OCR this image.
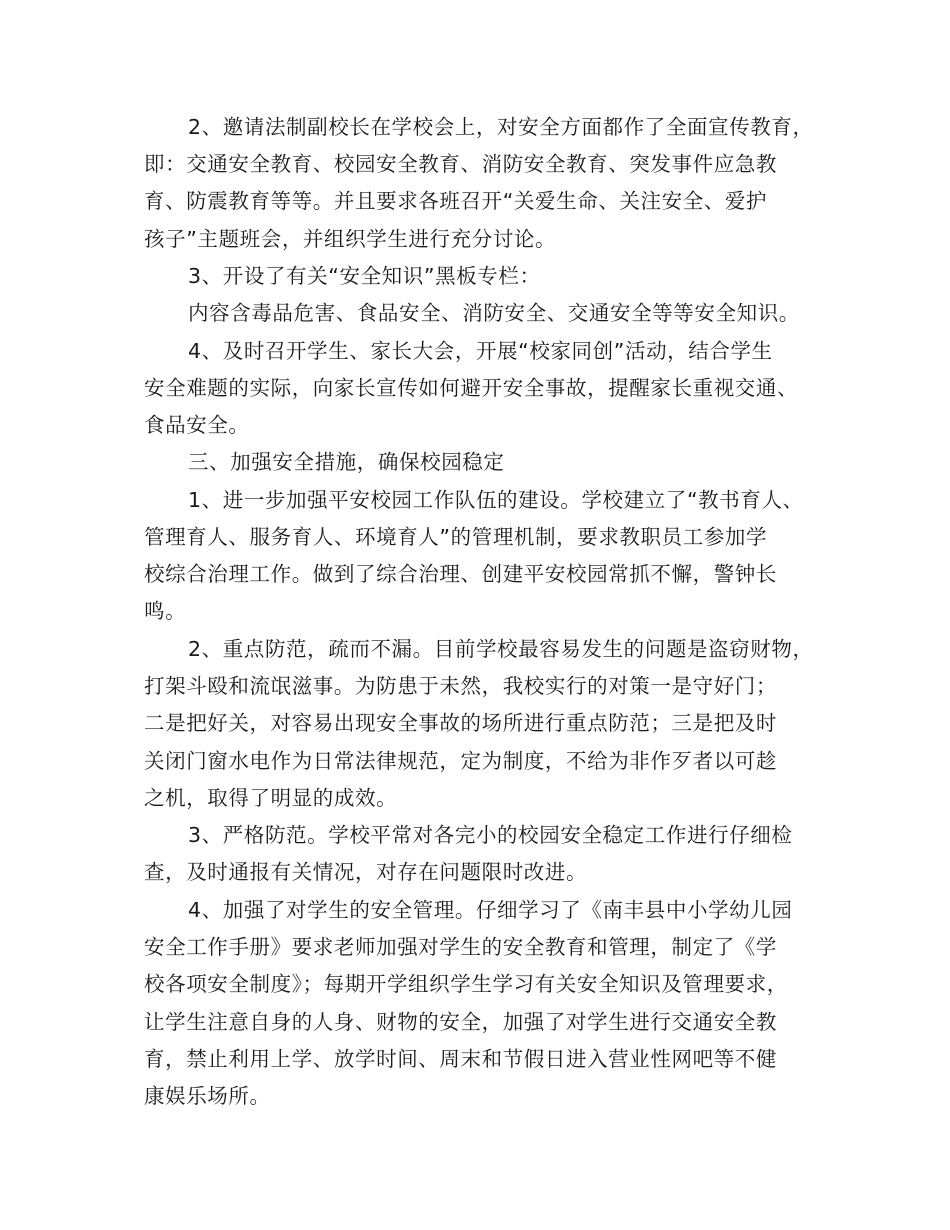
2、邀请法制副校长在学校会上，对安全方面都作了全面宣传教育，
即：交通安全教育、校园安全教育、消防安全教育、突发事件应急教
育、防震教育等等。并且要求各班召开“关爱生命、关注安全、爱护
孩子”主题班会，并组织学生进行充分讨论。
3、开设了有关“安全知识”黑板专栏：
内容含毒品危害、食品安全、消防安全、交通安全等等安全知识。
4、及时召开学生、家长大会，开展“校家同创”活动，结合学生
安全难题的实际，向家长宣传如何避开安全事故，提醒家长重视交通、
食品安全。
三、加强安全措施，确保校园稳定
1、进一步加强平安校园工作队伍的建设。学校建立了“教书育人、
管理育人、服务育人、环境育人”的管理机制，要求教职员工参加学
校综合治理工作。做到了综合治理、创建平安校园常抓不懈，警钟长
鸣。
2、重点防范，疏而不漏。目前学校最容易发生的问题是盗窃财物，
打架斗殴和流氓滋事。为防患于未然，我校实行的对策一是守好门；
二是把好关，对容易出现安全事故的场所进行重点防范；三是把及时
关闭门窗水电作为日常法律规范，定为制度，不给为非作歹者以可趁
之机，取得了明显的成效。
3、严格防范。学校平常对各完小的校园安全稳定工作进行仔细检
查，及时通报有关情况，对存在问题限时改进。
4、加强了对学生的安全管理。仔细学习了《南丰县中小学幼儿园
安全工作手册》要求老师加强对学生的安全教育和管理，制定了《学
校各项安全制度》；每期开学组织学生学习有关安全知识及管理要求，
让学生注意自身的人身、财物的安全，加强了对学生进行交通安全教
育，禁止利用上学、放学时间、周末和节假日进入营业性网吧等不健
康娱乐场所。
